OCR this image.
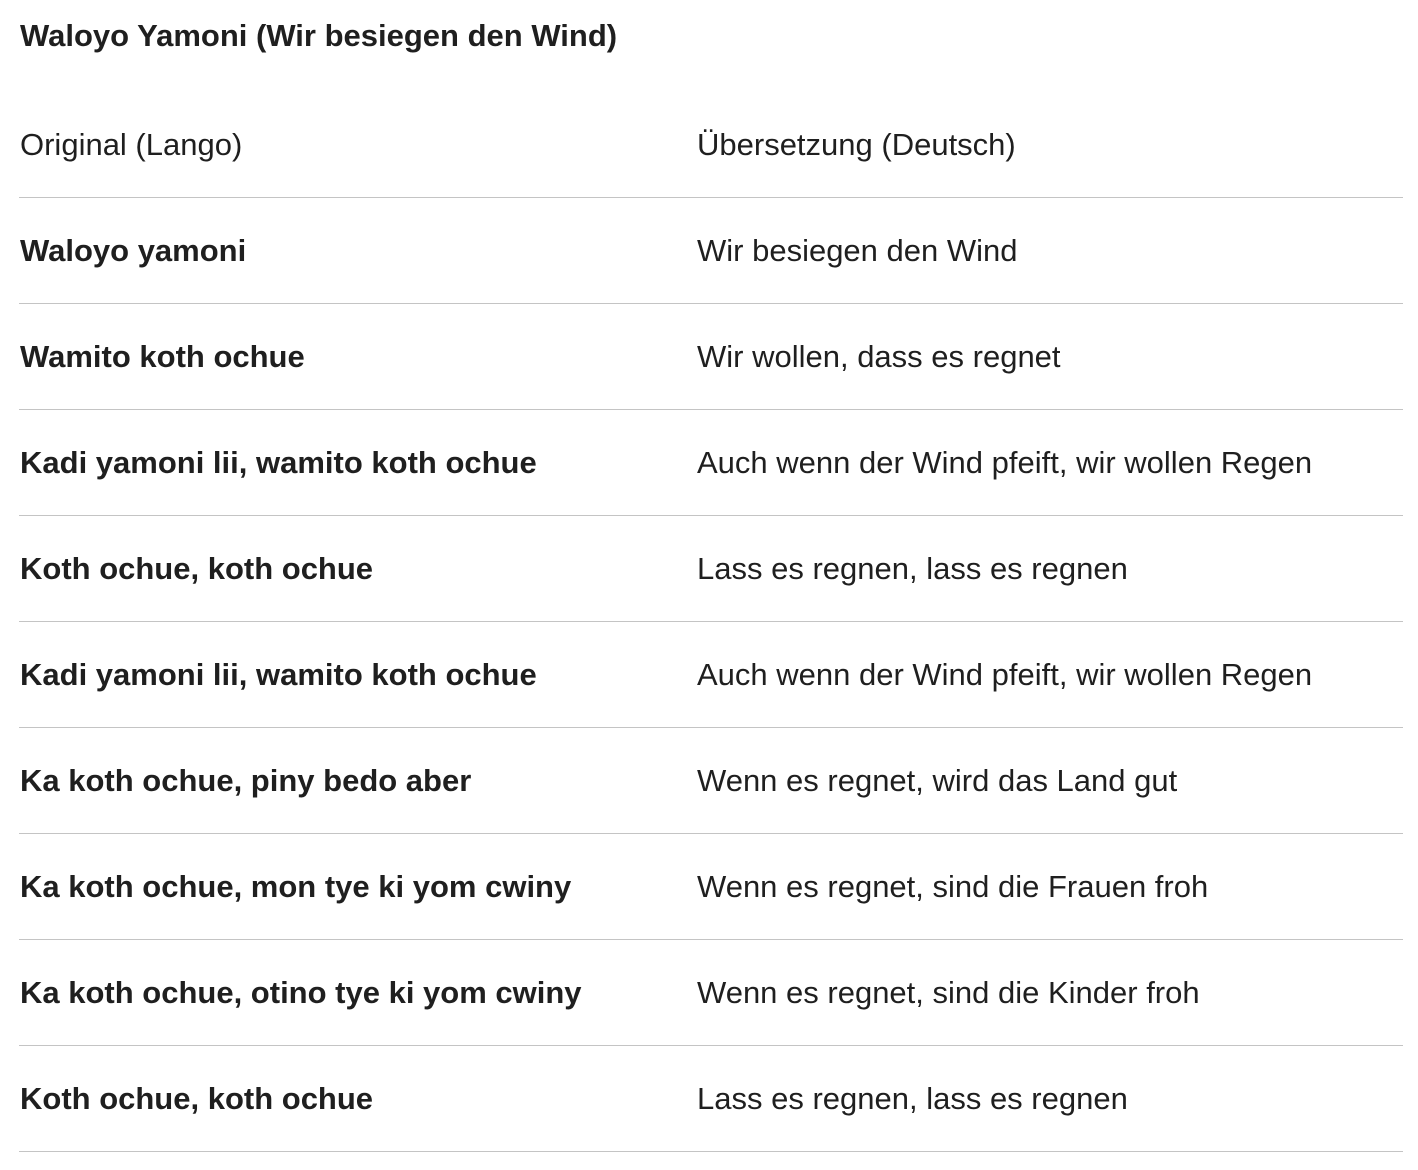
Waloyo Yamoni (Wir besiegen den Wind)
Original (Lango)	Übersetzung (Deutsch)
Waloyo yamoni	Wir besiegen den Wind
Wamito koth ochue	Wir wollen, dass es regnet
Kadi yamoni lii, wamito koth ochue	Auch wenn der Wind pfeift, wir wollen Regen
Koth ochue, koth ochue	Lass es regnen, lass es regnen
Kadi yamoni lii, wamito koth ochue	Auch wenn der Wind pfeift, wir wollen Regen
Ka koth ochue, piny bedo aber	Wenn es regnet, wird das Land gut
Ka koth ochue, mon tye ki yom cwiny	Wenn es regnet, sind die Frauen froh
Ka koth ochue, otino tye ki yom cwiny	Wenn es regnet, sind die Kinder froh
Koth ochue, koth ochue	Lass es regnen, lass es regnen
